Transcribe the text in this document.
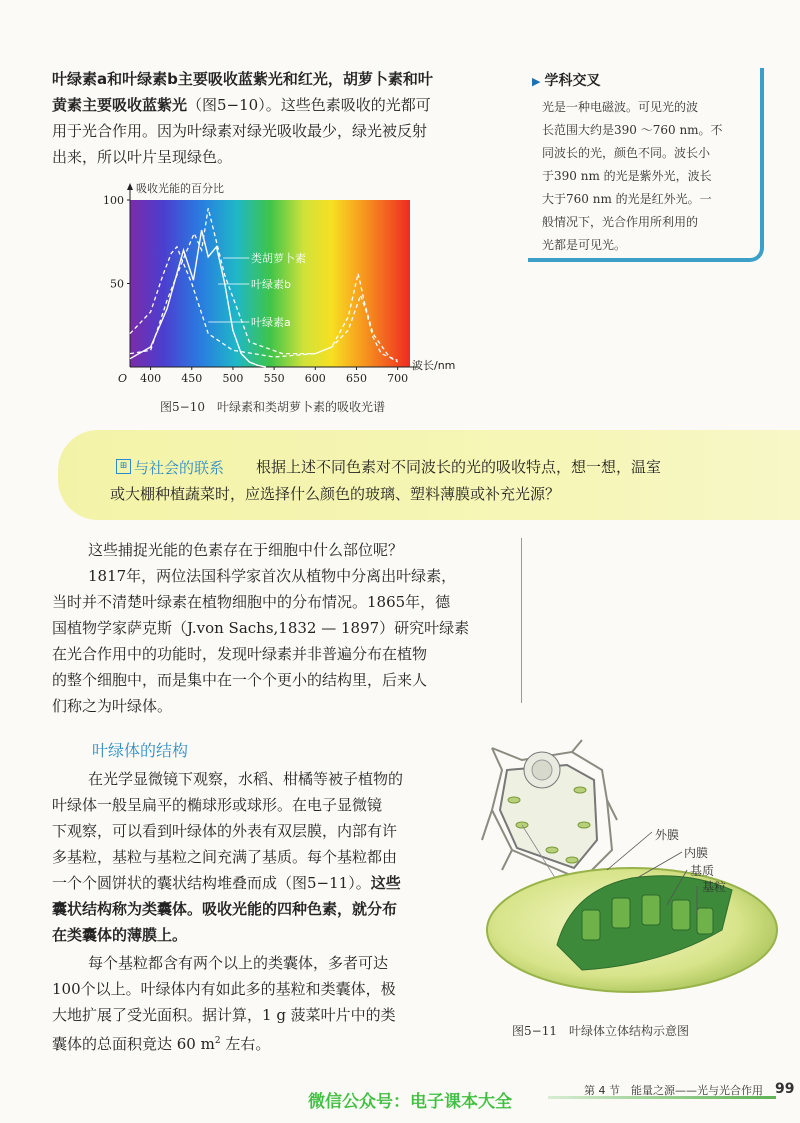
叶绿素a和叶绿素b主要吸收蓝紫光和红光，胡萝卜素和叶
黄素主要吸收蓝紫光（图5−10）。这些色素吸收的光都可
用于光合作用。因为叶绿素对绿光吸收最少，绿光被反射
出来，所以叶片呈现绿色。
▶ 学科交叉
光是一种电磁波。可见光的波
长范围大约是390 ～760 nm。不
同波长的光，颜色不同。波长小
于390 nm 的光是紫外光，波长
大于760 nm 的光是红外光。一
般情况下，光合作用所利用的
光都是可见光。
400 450 500 550 600 650 700
100
50
O
吸收光能的百分比
波长/nm
类胡萝卜素
叶绿素b
叶绿素a
图5−10　叶绿素和类胡萝卜素的吸收光谱
⊞ 与社会的联系 根据上述不同色素对不同波长的光的吸收特点，想一想，温室
或大棚种植蔬菜时，应选择什么颜色的玻璃、塑料薄膜或补充光源？
这些捕捉光能的色素存在于细胞中什么部位呢？
1817年，两位法国科学家首次从植物中分离出叶绿素，
当时并不清楚叶绿素在植物细胞中的分布情况。1865年，德
国植物学家萨克斯（J.von Sachs,1832 — 1897）研究叶绿素
在光合作用中的功能时，发现叶绿素并非普遍分布在植物
的整个细胞中，而是集中在一个个更小的结构里，后来人
们称之为叶绿体。
叶绿体的结构
在光学显微镜下观察，水稻、柑橘等被子植物的
叶绿体一般呈扁平的椭球形或球形。在电子显微镜
下观察，可以看到叶绿体的外表有双层膜，内部有许
多基粒，基粒与基粒之间充满了基质。每个基粒都由
一个个圆饼状的囊状结构堆叠而成（图5−11）。这些
囊状结构称为类囊体。吸收光能的四种色素，就分布
在类囊体的薄膜上。
每个基粒都含有两个以上的类囊体，多者可达
100个以上。叶绿体内有如此多的基粒和类囊体，极
大地扩展了受光面积。据计算，1 g 菠菜叶片中的类
囊体的总面积竟达 60 $m^2$ 左右。
外膜
内膜
基质
基粒
图5−11　叶绿体立体结构示意图
微信公众号：电子课本大全
第 4 节　能量之源——光与光合作用 99
